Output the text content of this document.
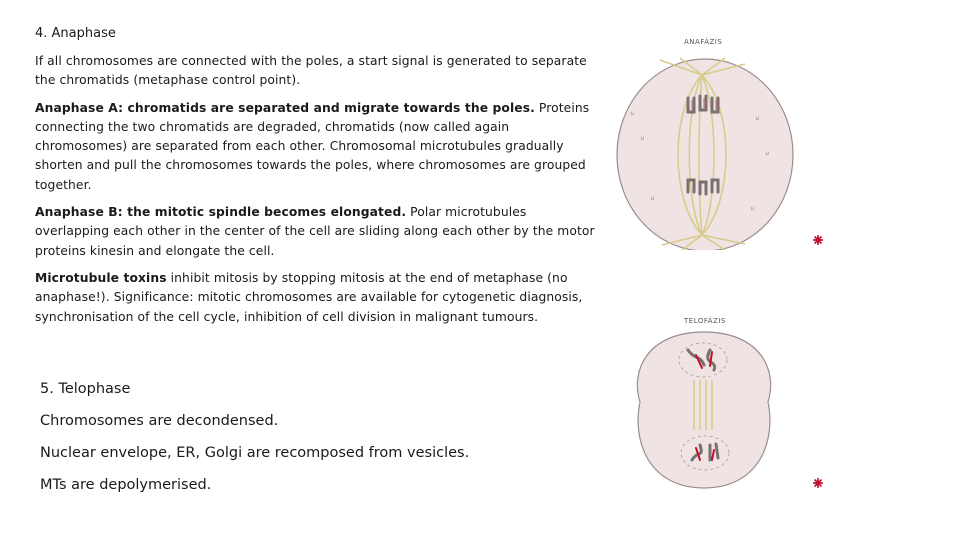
4. Anaphase

If all chromosomes are connected with the poles, a start signal is generated to separate the chromatids (metaphase control point).

Anaphase A: chromatids are separated and migrate towards the poles. Proteins connecting the two chromatids are degraded, chromatids (now called again chromosomes) are separated from each other. Chromosomal microtubules gradually shorten and pull the chromosomes towards the poles, where chromosomes are grouped together.

Anaphase B: the mitotic spindle becomes elongated. Polar microtubules overlapping each other in the center of the cell are sliding along each other by the motor proteins kinesin and elongate the cell.

Microtubule toxins inhibit mitosis by stopping mitosis at the end of metaphase (no anaphase!). Significance: mitotic chromosomes are available for cytogenetic diagnosis, synchronisation of the cell cycle, inhibition of cell division in malignant tumours.

5. Telophase

Chromosomes are decondensed.

Nuclear envelope, ER, Golgi are recomposed from vesicles.

MTs are depolymerised.

ANAFÁZIS
∪
∪
∪
∪
∪
∪
TELOFÁZIS
